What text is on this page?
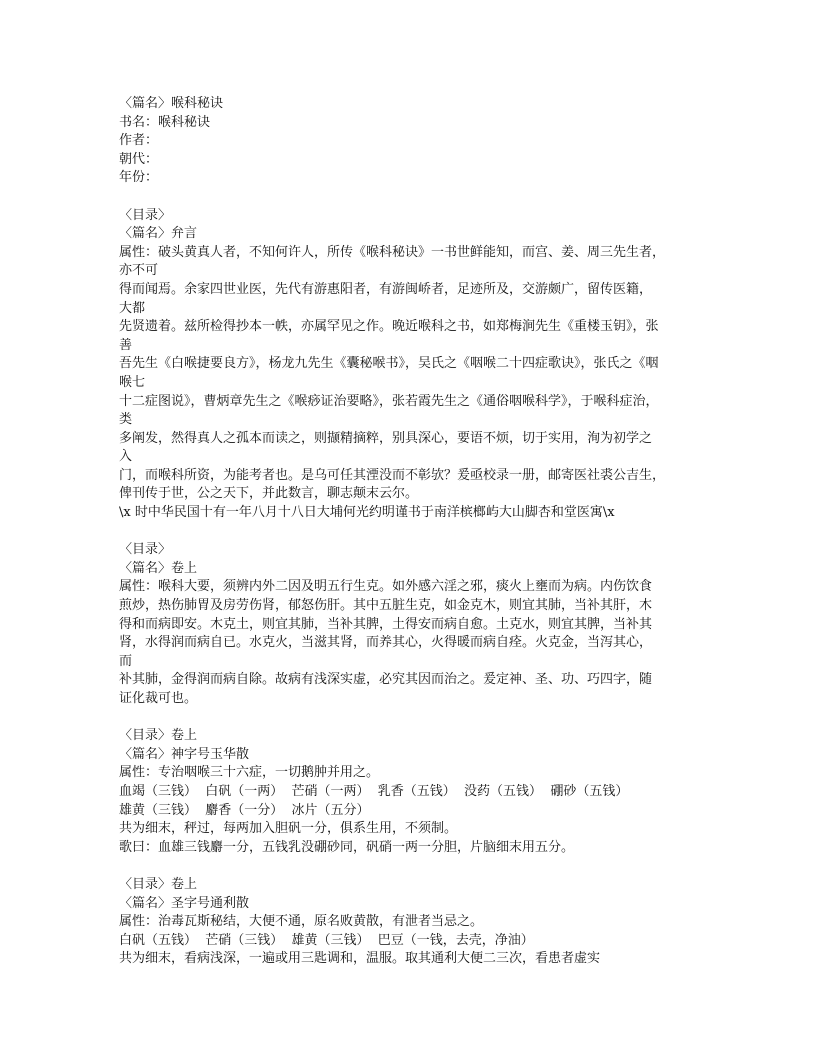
〈篇名〉喉科秘诀
书名：喉科秘诀
作者：
朝代：
年份：
〈目录〉
〈篇名〉弁言
属性：破头黄真人者，不知何许人，所传《喉科秘诀》一书世鲜能知，而宫、姜、周三先生者，
亦不可
得而闻焉。余家四世业医，先代有游惠阳者，有游闽峤者，足迹所及，交游颇广，留传医籍，
大都
先贤遗着。兹所检得抄本一帙，亦属罕见之作。晚近喉科之书，如郑梅涧先生《重楼玉钥》，张
善
吾先生《白喉捷要良方》，杨龙九先生《囊秘喉书》，吴氏之《咽喉二十四症歌诀》，张氏之《咽
喉七
十二症图说》，曹炳章先生之《喉痧证治要略》，张若霞先生之《通俗咽喉科学》，于喉科症治，
类
多阐发，然得真人之孤本而读之，则撷精摘粹，别具深心，要语不烦，切于实用，洵为初学之
入
门，而喉科所资，为能考者也。是乌可任其湮没而不彰欤？爰亟校录一册，邮寄医社裘公吉生，
俾刊传于世，公之天下，并此数言，聊志颠末云尔。
\x 时中华民国十有一年八月十八日大埔何光约明谨书于南洋槟榔屿大山脚杏和堂医寓\x
〈目录〉
〈篇名〉卷上
属性：喉科大要，须辨内外二因及明五行生克。如外感六淫之邪，痰火上壅而为病。内伤饮食
煎炒，热伤肺胃及房劳伤肾，郁怒伤肝。其中五脏生克，如金克木，则宜其肺，当补其肝，木
得和而病即安。木克土，则宜其肺，当补其脾，土得安而病自愈。土克水，则宜其脾，当补其
肾，水得润而病自已。水克火，当滋其肾，而养其心，火得暖而病自痊。火克金，当泻其心，
而
补其肺，金得润而病自除。故病有浅深实虚，必究其因而治之。爰定神、圣、功、巧四字，随
证化裁可也。
〈目录〉卷上
〈篇名〉神字号玉华散
属性：专治咽喉三十六症，一切鹅肿并用之。
血竭（三钱）  白矾（一两）  芒硝（一两）  乳香（五钱）  没药（五钱）  硼砂（五钱）
雄黄（三钱）  麝香（一分）  冰片（五分）
共为细末，秤过，每两加入胆矾一分，俱系生用，不须制。
歌曰：血雄三钱麝一分，五钱乳没硼砂同，矾硝一两一分胆，片脑细末用五分。
〈目录〉卷上
〈篇名〉圣字号通利散
属性：治毒瓦斯秘结，大便不通，原名败黄散，有泄者当忌之。
白矾（五钱）  芒硝（三钱）  雄黄（三钱）  巴豆（一钱，去壳，净油）
共为细末，看病浅深，一遍或用三匙调和，温服。取其通利大便二三次，看患者虚实
